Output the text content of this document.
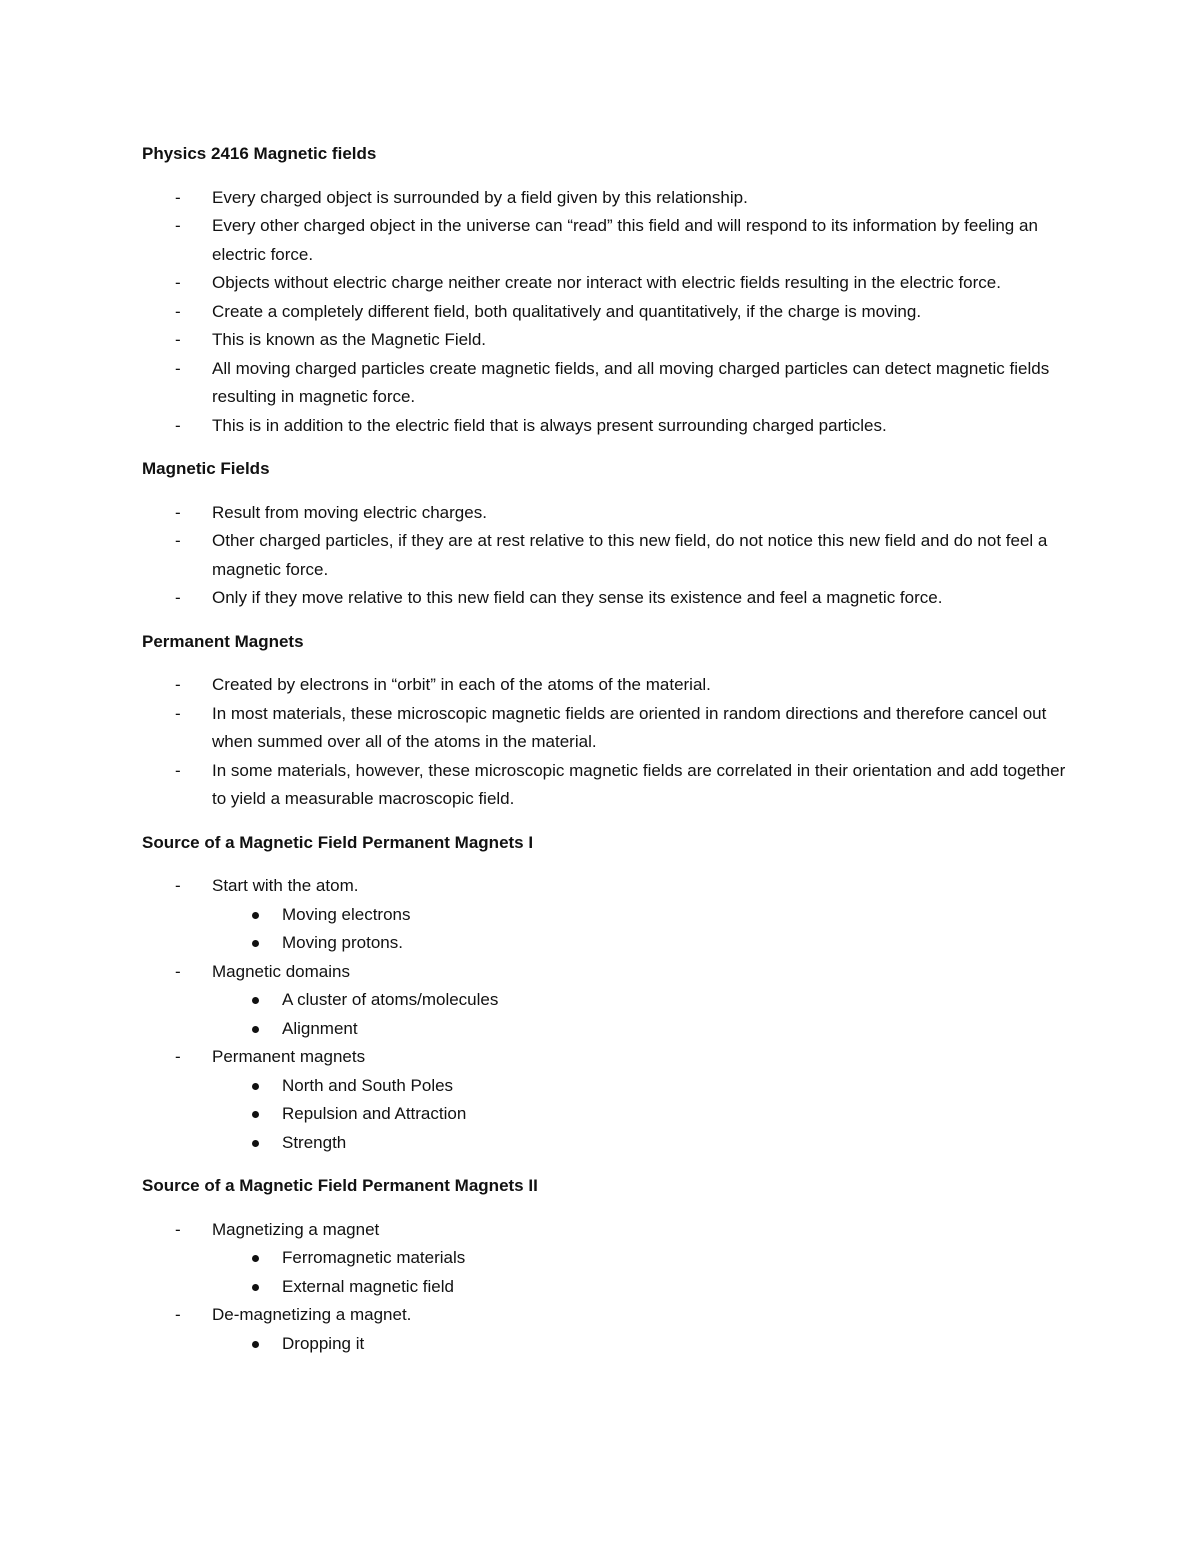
Physics 2416 Magnetic fields
- Every charged object is surrounded by a field given by this relationship.
- Every other charged object in the universe can “read” this field and will respond to its information by feeling an electric force.
- Objects without electric charge neither create nor interact with electric fields resulting in the electric force.
- Create a completely different field, both qualitatively and quantitatively, if the charge is moving.
- This is known as the Magnetic Field.
- All moving charged particles create magnetic fields, and all moving charged particles can detect magnetic fields resulting in magnetic force.
- This is in addition to the electric field that is always present surrounding charged particles.
Magnetic Fields
- Result from moving electric charges.
- Other charged particles, if they are at rest relative to this new field, do not notice this new field and do not feel a magnetic force.
- Only if they move relative to this new field can they sense its existence and feel a magnetic force.
Permanent Magnets
- Created by electrons in “orbit” in each of the atoms of the material.
- In most materials, these microscopic magnetic fields are oriented in random directions and therefore cancel out when summed over all of the atoms in the material.
- In some materials, however, these microscopic magnetic fields are correlated in their orientation and add together to yield a measurable macroscopic field.
Source of a Magnetic Field Permanent Magnets I
- Start with the atom.
Moving electrons
Moving protons.
- Magnetic domains
A cluster of atoms/molecules
Alignment
- Permanent magnets
North and South Poles
Repulsion and Attraction
Strength
Source of a Magnetic Field Permanent Magnets II
- Magnetizing a magnet
Ferromagnetic materials
External magnetic field
- De-magnetizing a magnet.
Dropping it
